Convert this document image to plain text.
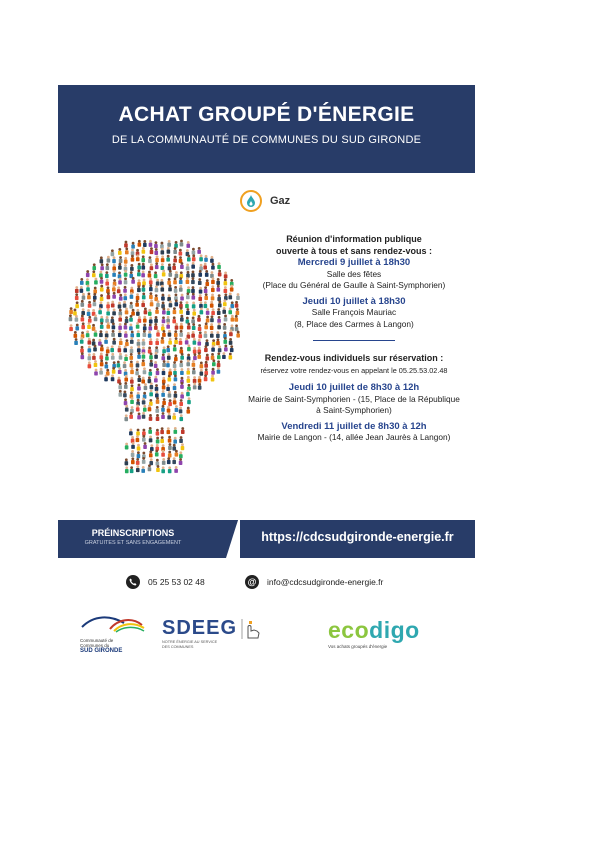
ACHAT GROUPÉ D'ÉNERGIE
DE LA COMMUNAUTÉ DE COMMUNES DU SUD GIRONDE
Gaz
Réunion d'information publique
ouverte à tous et sans rendez-vous :
Mercredi 9 juillet à 18h30
Salle des fêtes
(Place du Général de Gaulle à Saint-Symphorien)
Jeudi 10 juillet à 18h30
Salle François Mauriac
(8, Place des Carmes à Langon)
Rendez-vous individuels sur réservation :
réservez votre rendez-vous en appelant le 05.25.53.02.48
Jeudi 10 juillet de 8h30 à 12h
Mairie de Saint-Symphorien - (15, Place de la République
à Saint-Symphorien)
Vendredi 11 juillet de 8h30 à 12h
Mairie de Langon - (14, allée Jean Jaurès à Langon)
PRÉINSCRIPTIONS
GRATUITES ET SANS ENGAGEMENT	https://cdcsudgironde-energie.fr
05 25 53 02 48	@ info@cdcsudgironde-energie.fr
Communauté de
Communes du
SUD GIRONDE
SDEEG
NOTRE ÉNERGIE AU SERVICE
DES COMMUNES
ecodigo
Vos achats groupés d'énergie
